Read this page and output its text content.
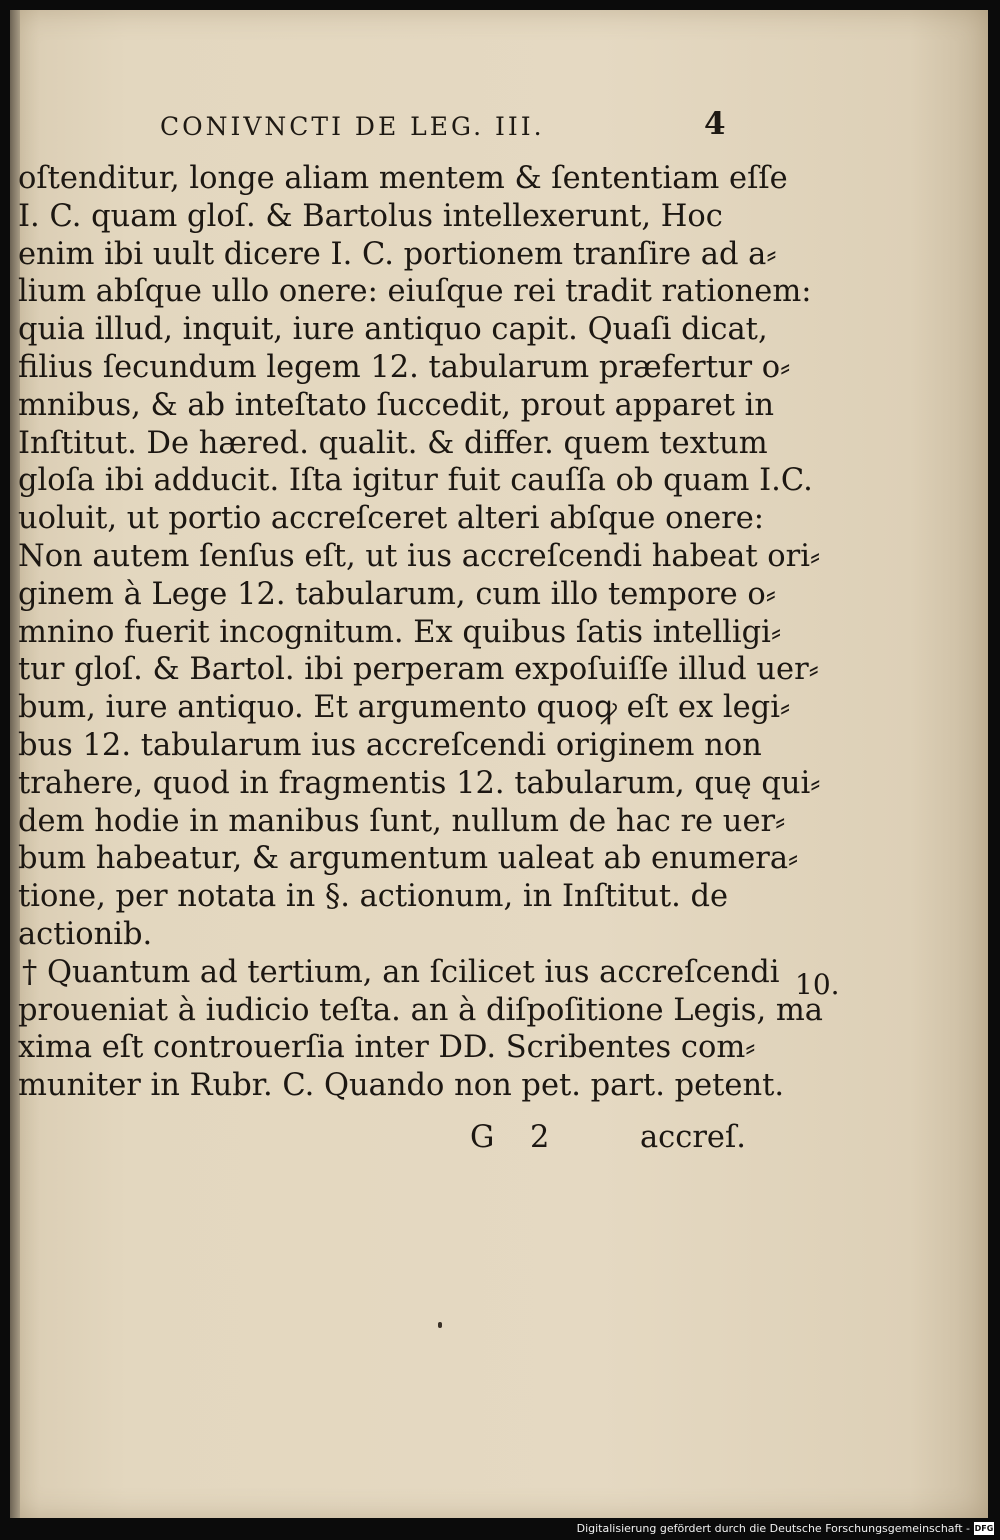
CONIVNCTI DE LEG. III.	4
oſtenditur, longe aliam mentem & ſententiam eſſe
I. C. quam gloſ. & Bartolus intellexerunt, Hoc
enim ibi uult dicere I. C. portionem tranſire ad a⸗
lium abſque ullo onere: eiuſque rei tradit rationem:
quia illud, inquit, iure antiquo capit. Quaſi dicat,
filius ſecundum legem 12. tabularum præfertur o⸗
mnibus, & ab inteſtato ſuccedit, prout apparet in
Inſtitut. De hæred. qualit. & differ. quem textum
gloſa ibi adducit. Iſta igitur fuit cauſſa ob quam I.C.
uoluit, ut portio accreſceret alteri abſque onere:
Non autem ſenſus eſt, ut ius accreſcendi habeat ori⸗
ginem à Lege 12. tabularum, cum illo tempore o⸗
mnino fuerit incognitum. Ex quibus ſatis intelligi⸗
tur gloſ. & Bartol. ibi perperam expoſuiſſe illud uer⸗
bum, iure antiquo. Et argumento quoꝙ eſt ex legi⸗
bus 12. tabularum ius accreſcendi originem non
trahere, quod in fragmentis 12. tabularum, quę qui⸗
dem hodie in manibus ſunt, nullum de hac re uer⸗
bum habeatur, & argumentum ualeat ab enumera⸗
tione, per notata in §. actionum, in Inſtitut. de
actionib.
† Quantum ad tertium, an ſcilicet ius accreſcendi
proueniat à iudicio teſta. an à diſpoſitione Legis, ma
xima eſt controuerſia inter DD. Scribentes com⸗
muniter in Rubr. C. Quando non pet. part. petent.
10.
G 2	accreſ.
Digitalisierung gefördert durch die Deutsche Forschungsgemeinschaft - DFG
